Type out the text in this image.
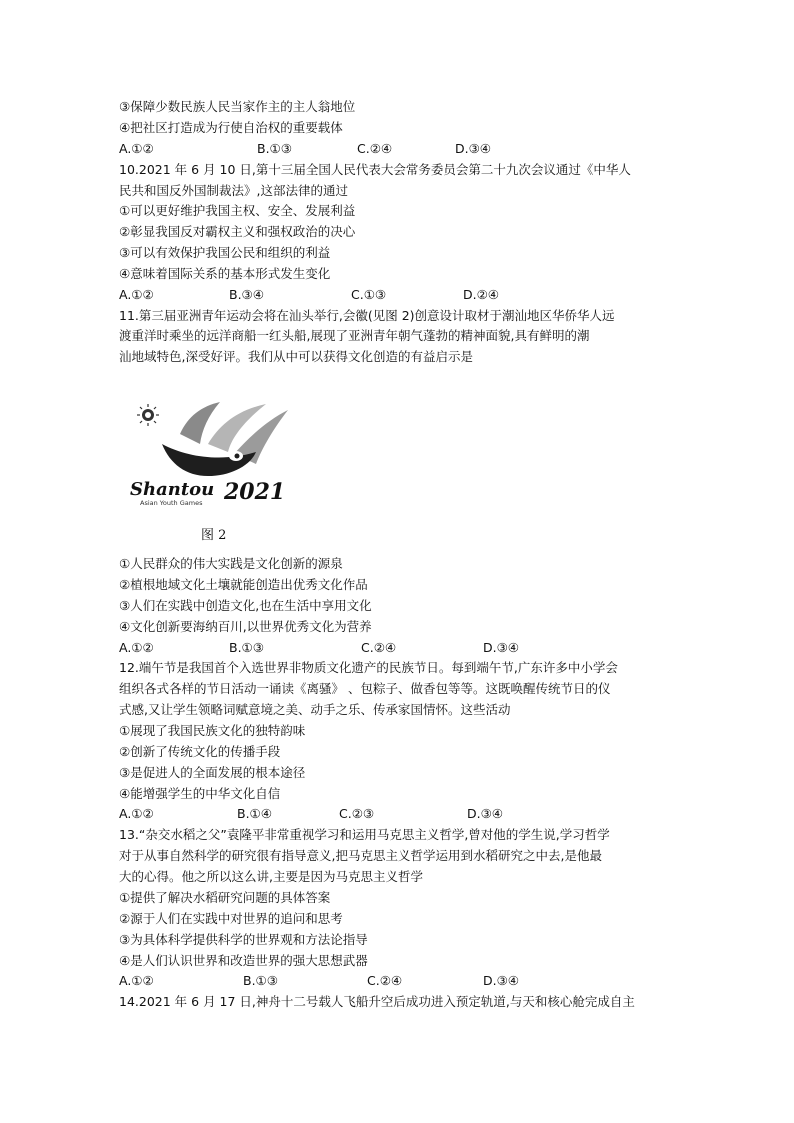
③保障少数民族人民当家作主的主人翁地位
④把社区打造成为行使自治权的重要载体
A.①②	B.①③	C.②④	D.③④
10.2021 年 6 月 10 日,第十三届全国人民代表大会常务委员会第二十九次会议通过《中华人
民共和国反外国制裁法》,这部法律的通过
①可以更好维护我国主权、安全、发展利益
②彰显我国反对霸权主义和强权政治的决心
③可以有效保护我国公民和组织的利益
④意味着国际关系的基本形式发生变化
A.①②	B.③④	C.①③	D.②④
11.第三届亚洲青年运动会将在汕头举行,会徽(见图 2)创意设计取材于潮汕地区华侨华人远
渡重洋时乘坐的远洋商船一红头船,展现了亚洲青年朝气蓬勃的精神面貌,具有鲜明的潮
汕地域特色,深受好评。我们从中可以获得文化创造的有益启示是
Shantou 2021
Asian Youth Games
图 2
①人民群众的伟大实践是文化创新的源泉
②植根地域文化土壤就能创造出优秀文化作品
③人们在实践中创造文化,也在生活中享用文化
④文化创新要海纳百川,以世界优秀文化为营养
A.①②	B.①③	C.②④	D.③④
12.端午节是我国首个入选世界非物质文化遗产的民族节日。每到端午节,广东许多中小学会
组织各式各样的节日活动一诵读《离骚》 、包粽子、做香包等等。这既唤醒传统节日的仪
式感,又让学生领略词赋意境之美、动手之乐、传承家国情怀。这些活动
①展现了我国民族文化的独特韵味
②创新了传统文化的传播手段
③是促进人的全面发展的根本途径
④能增强学生的中华文化自信
A.①②	B.①④	C.②③	D.③④
13.“杂交水稻之父”袁隆平非常重视学习和运用马克思主义哲学,曾对他的学生说,学习哲学
对于从事自然科学的研究很有指导意义,把马克思主义哲学运用到水稻研究之中去,是他最
大的心得。他之所以这么讲,主要是因为马克思主义哲学
①提供了解决水稻研究问题的具体答案
②源于人们在实践中对世界的追问和思考
③为具体科学提供科学的世界观和方法论指导
④是人们认识世界和改造世界的强大思想武器
A.①②	B.①③	C.②④	D.③④
14.2021 年 6 月 17 日,神舟十二号载人飞船升空后成功进入预定轨道,与天和核心舱完成自主
